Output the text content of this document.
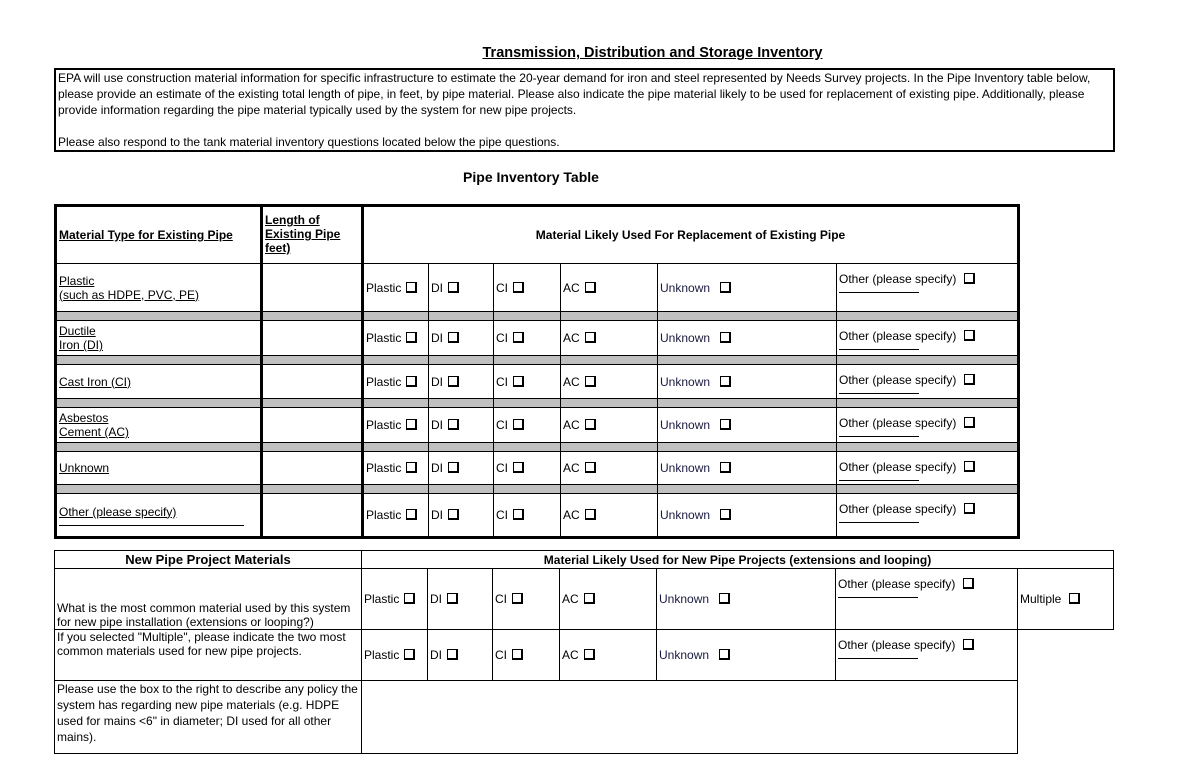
Transmission, Distribution and Storage Inventory

EPA will use construction material information for specific infrastructure to estimate the 20-year demand for iron and steel represented by Needs Survey projects. In the Pipe Inventory table below, please provide an estimate of the existing total length of pipe, in feet, by pipe material. Please also indicate the pipe material likely to be used for replacement of existing pipe. Additionally, please provide information regarding the pipe material typically used by the system for new pipe projects.

Please also respond to the tank material inventory questions located below the pipe questions.

Pipe Inventory Table
Material Type for Existing Pipe	Length of Existing Pipe feet)	Material Likely Used For Replacement of Existing Pipe					
Plastic
(such as HDPE, PVC, PE)		Plastic	DI	CI	AC	Unknown	Other (please specify)

Ductile
Iron (DI)		Plastic	DI	CI	AC	Unknown	Other (please specify)

Cast Iron (CI)		Plastic	DI	CI	AC	Unknown	Other (please specify)

Asbestos
Cement (AC)		Plastic	DI	CI	AC	Unknown	Other (please specify)

Unknown		Plastic	DI	CI	AC	Unknown	Other (please specify)

Other (please specify)		Plastic	DI	CI	AC	Unknown	Other (please specify)
New Pipe Project Materials	Material Likely Used for New Pipe Projects (extensions and looping)						
What is the most common material used by this system for new pipe installation (extensions or looping?)	Plastic	DI	CI	AC	Unknown	Other (please specify)	Multiple
If you selected "Multiple", please indicate the two most common materials used for new pipe projects.	Plastic	DI	CI	AC	Unknown	Other (please specify)

Please use the box to the right to describe any policy the system has regarding new pipe materials (e.g. HDPE used for mains <6" in diameter; DI used for all other mains).							
